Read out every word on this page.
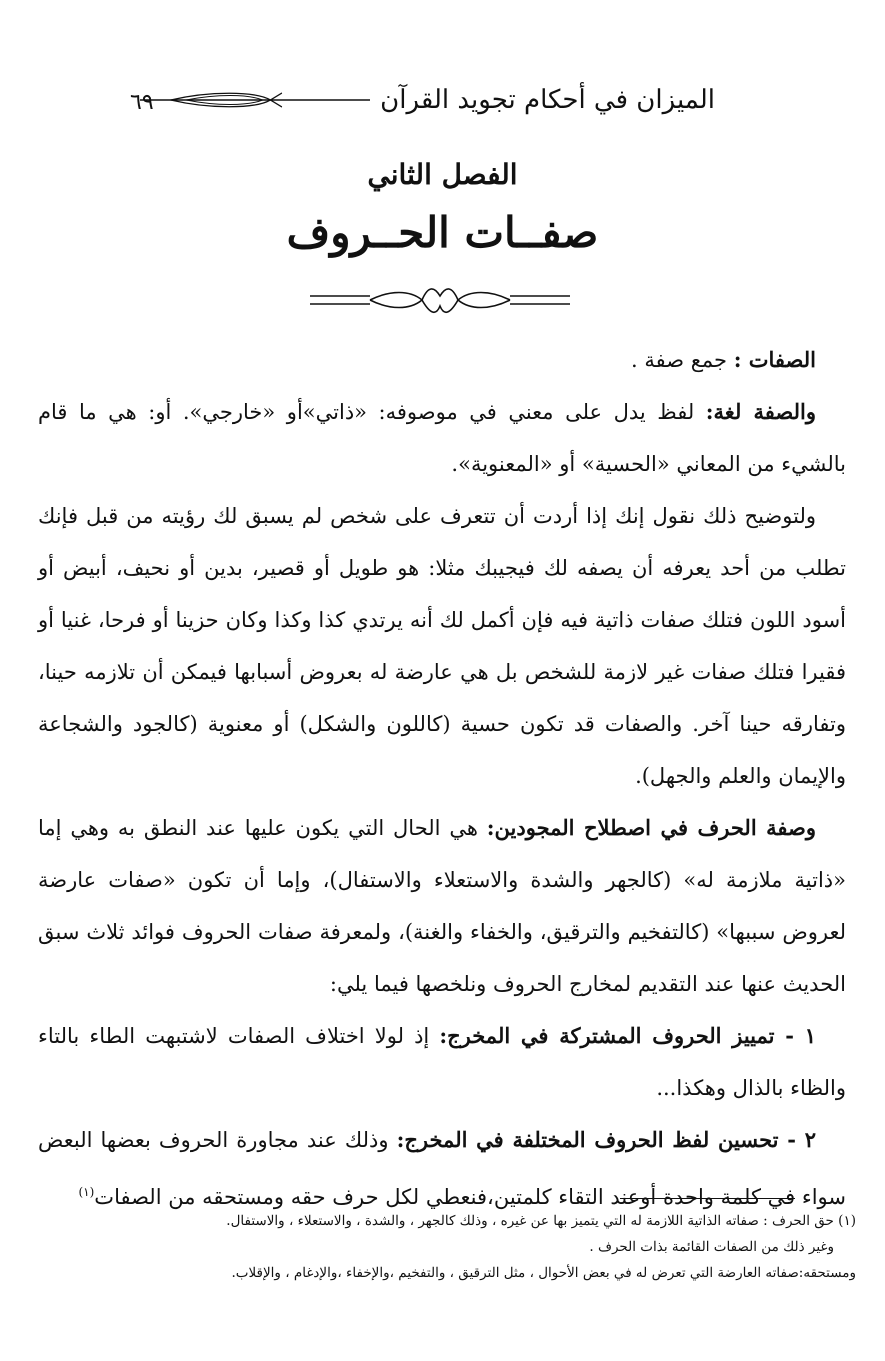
الميزان في أحكام تجويد القرآن
٦٩
الفصل الثاني
صفــات الحــروف

الصفات : جمع صفة .

والصفة لغة: لفظ يدل على معني في موصوفه: «ذاتي»أو «خارجي». أو: هي ما قام بالشيء من المعاني «الحسية» أو «المعنوية».

ولتوضيح ذلك نقول إنك إذا أردت أن تتعرف على شخص لم يسبق لك رؤيته من قبل فإنك تطلب من أحد يعرفه أن يصفه لك فيجيبك مثلا: هو طويل أو قصير، بدين أو نحيف، أبيض أو أسود اللون فتلك صفات ذاتية فيه فإن أكمل لك أنه يرتدي كذا وكذا وكان حزينا أو فرحا، غنيا أو فقيرا فتلك صفات غير لازمة للشخص بل هي عارضة له بعروض أسبابها فيمكن أن تلازمه حينا، وتفارقه حينا آخر. والصفات قد تكون حسية (كاللون والشكل) أو معنوية (كالجود والشجاعة والإيمان والعلم والجهل).

وصفة الحرف في اصطلاح المجودين: هي الحال التي يكون عليها عند النطق به وهي إما «ذاتية ملازمة له» (كالجهر والشدة والاستعلاء والاستفال)، وإما أن تكون «صفات عارضة لعروض سببها» (كالتفخيم والترقيق، والخفاء والغنة)، ولمعرفة صفات الحروف فوائد ثلاث سبق الحديث عنها عند التقديم لمخارج الحروف ونلخصها فيما يلي:

١ - تمييز الحروف المشتركة في المخرج: إذ لولا اختلاف الصفات لاشتبهت الطاء بالتاء والظاء بالذال وهكذا...

٢ - تحسين لفظ الحروف المختلفة في المخرج: وذلك عند مجاورة الحروف بعضها البعض سواء في كلمة واحدة أوعند التقاء كلمتين،فنعطي لكل حرف حقه ومستحقه من الصفات$^{(١)}$

(١) حق الحرف : صفاته الذاتية اللازمة له التي يتميز بها عن غيره ، وذلك كالجهر ، والشدة ، والاستعلاء ، والاستفال.

وغير ذلك من الصفات القائمة بذات الحرف .

ومستحقه:صفاته العارضة التي تعرض له في بعض الأحوال ، مثل الترقيق ، والتفخيم ،والإخفاء ،والإدغام ، والإقلاب.
